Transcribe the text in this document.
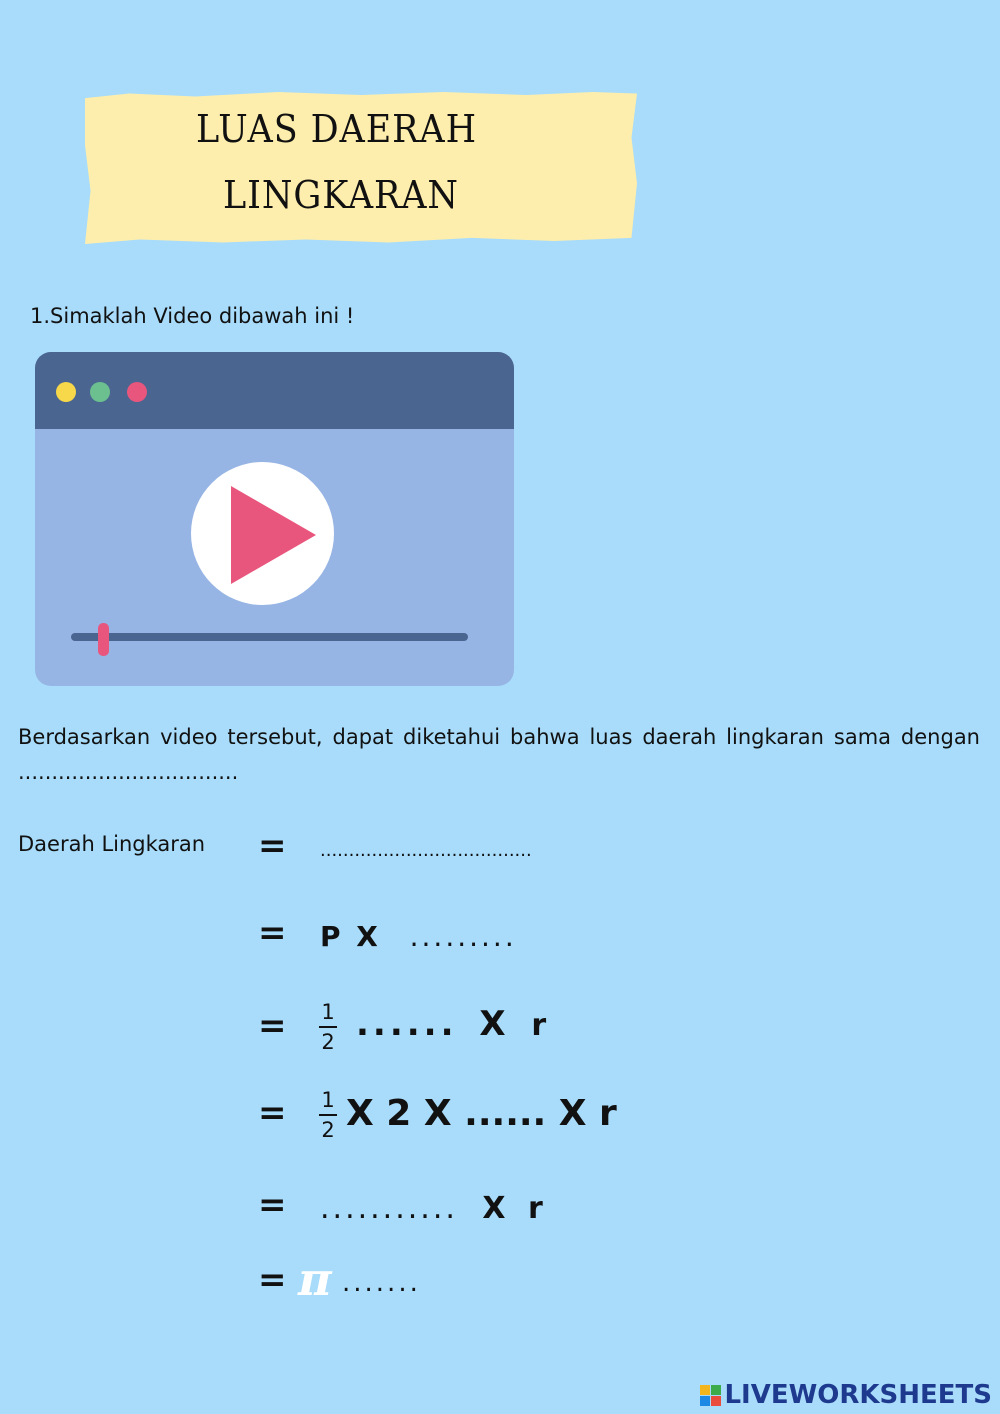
LUAS DAERAH
LINGKARAN
1.Simaklah Video dibawah ini !
Berdasarkan video tersebut, dapat diketahui bahwa luas daerah lingkaran sama dengan .................................
Daerah Lingkaran = .....................................
= P X .........
= 1
2 ...... X r
= 1
2 X 2 X ...... X r
= ........... X r
= π .......
LIVEWORKSHEETS
